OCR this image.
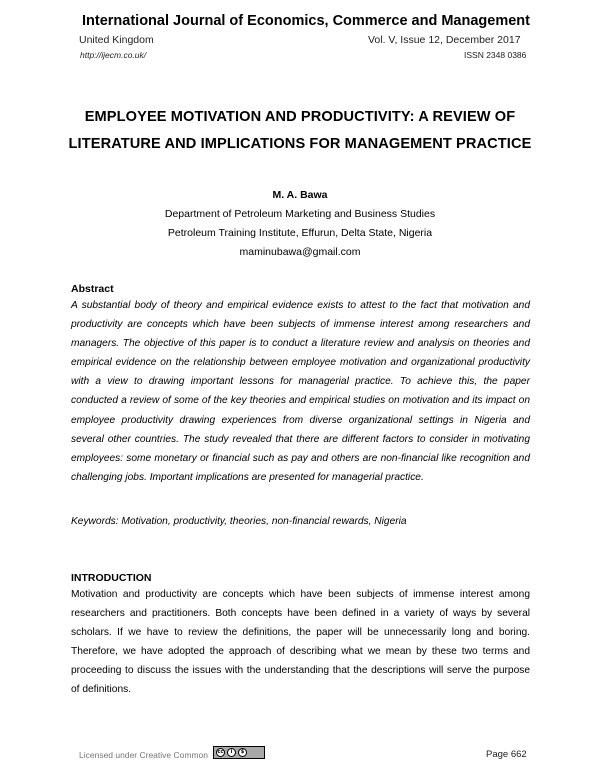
International Journal of Economics, Commerce and Management
United Kingdom	Vol. V, Issue 12, December 2017
http://ijecm.co.uk/	ISSN 2348 0386
EMPLOYEE MOTIVATION AND PRODUCTIVITY: A REVIEW OF
LITERATURE AND IMPLICATIONS FOR MANAGEMENT PRACTICE
M. A. Bawa
Department of Petroleum Marketing and Business Studies
Petroleum Training Institute, Effurun, Delta State, Nigeria
maminubawa@gmail.com
Abstract
A substantial body of theory and empirical evidence exists to attest to the fact that motivation and productivity are concepts which have been subjects of immense interest among researchers and managers. The objective of this paper is to conduct a literature review and analysis on theories and empirical evidence on the relationship between employee motivation and organizational productivity with a view to drawing important lessons for managerial practice. To achieve this, the paper conducted a review of some of the key theories and empirical studies on motivation and its impact on employee productivity drawing experiences from diverse organizational settings in Nigeria and several other countries. The study revealed that there are different factors to consider in motivating employees: some monetary or financial such as pay and others are non-financial like recognition and challenging jobs. Important implications are presented for managerial practice.
Keywords: Motivation, productivity, theories, non-financial rewards, Nigeria
INTRODUCTION
Motivation and productivity are concepts which have been subjects of immense interest among researchers and practitioners. Both concepts have been defined in a variety of ways by several scholars. If we have to review the definitions, the paper will be unnecessarily long and boring. Therefore, we have adopted the approach of describing what we mean by these two terms and proceeding to discuss the issues with the understanding that the descriptions will serve the purpose of definitions.
Licensed under Creative Common	cc	i	$	Page 662
